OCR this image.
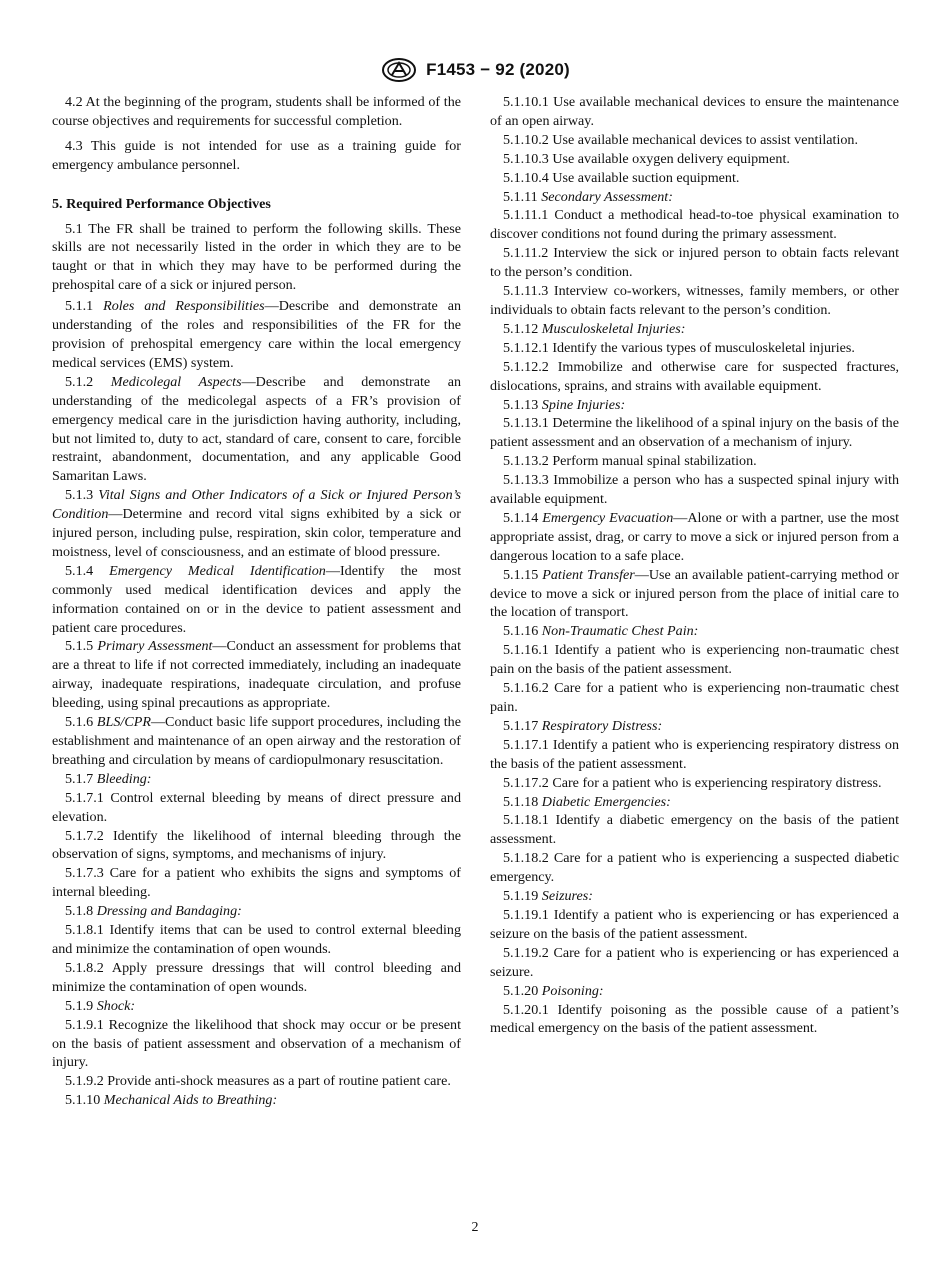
F1453 − 92 (2020)

4.2 At the beginning of the program, students shall be informed of the course objectives and requirements for successful completion.

4.3 This guide is not intended for use as a training guide for emergency ambulance personnel.

5. Required Performance Objectives

5.1 The FR shall be trained to perform the following skills. These skills are not necessarily listed in the order in which they are to be taught or that in which they may have to be performed during the prehospital care of a sick or injured person.

5.1.1 Roles and Responsibilities—Describe and demonstrate an understanding of the roles and responsibilities of the FR for the provision of prehospital emergency care within the local emergency medical services (EMS) system.

5.1.2 Medicolegal Aspects—Describe and demonstrate an understanding of the medicolegal aspects of a FR’s provision of emergency medical care in the jurisdiction having authority, including, but not limited to, duty to act, standard of care, consent to care, forcible restraint, abandonment, documentation, and any applicable Good Samaritan Laws.

5.1.3 Vital Signs and Other Indicators of a Sick or Injured Person’s Condition—Determine and record vital signs exhibited by a sick or injured person, including pulse, respiration, skin color, temperature and moistness, level of consciousness, and an estimate of blood pressure.

5.1.4 Emergency Medical Identification—Identify the most commonly used medical identification devices and apply the information contained on or in the device to patient assessment and patient care procedures.

5.1.5 Primary Assessment—Conduct an assessment for problems that are a threat to life if not corrected immediately, including an inadequate airway, inadequate respirations, inadequate circulation, and profuse bleeding, using spinal precautions as appropriate.

5.1.6 BLS/CPR—Conduct basic life support procedures, including the establishment and maintenance of an open airway and the restoration of breathing and circulation by means of cardiopulmonary resuscitation.

5.1.7 Bleeding:

5.1.7.1 Control external bleeding by means of direct pressure and elevation.

5.1.7.2 Identify the likelihood of internal bleeding through the observation of signs, symptoms, and mechanisms of injury.

5.1.7.3 Care for a patient who exhibits the signs and symptoms of internal bleeding.

5.1.8 Dressing and Bandaging:

5.1.8.1 Identify items that can be used to control external bleeding and minimize the contamination of open wounds.

5.1.8.2 Apply pressure dressings that will control bleeding and minimize the contamination of open wounds.

5.1.9 Shock:

5.1.9.1 Recognize the likelihood that shock may occur or be present on the basis of patient assessment and observation of a mechanism of injury.

5.1.9.2 Provide anti-shock measures as a part of routine patient care.

5.1.10 Mechanical Aids to Breathing:

5.1.10.1 Use available mechanical devices to ensure the maintenance of an open airway.

5.1.10.2 Use available mechanical devices to assist ventilation.

5.1.10.3 Use available oxygen delivery equipment.

5.1.10.4 Use available suction equipment.

5.1.11 Secondary Assessment:

5.1.11.1 Conduct a methodical head-to-toe physical examination to discover conditions not found during the primary assessment.

5.1.11.2 Interview the sick or injured person to obtain facts relevant to the person’s condition.

5.1.11.3 Interview co-workers, witnesses, family members, or other individuals to obtain facts relevant to the person’s condition.

5.1.12 Musculoskeletal Injuries:

5.1.12.1 Identify the various types of musculoskeletal injuries.

5.1.12.2 Immobilize and otherwise care for suspected fractures, dislocations, sprains, and strains with available equipment.

5.1.13 Spine Injuries:

5.1.13.1 Determine the likelihood of a spinal injury on the basis of the patient assessment and an observation of a mechanism of injury.

5.1.13.2 Perform manual spinal stabilization.

5.1.13.3 Immobilize a person who has a suspected spinal injury with available equipment.

5.1.14 Emergency Evacuation—Alone or with a partner, use the most appropriate assist, drag, or carry to move a sick or injured person from a dangerous location to a safe place.

5.1.15 Patient Transfer—Use an available patient-carrying method or device to move a sick or injured person from the place of initial care to the location of transport.

5.1.16 Non-Traumatic Chest Pain:

5.1.16.1 Identify a patient who is experiencing non-traumatic chest pain on the basis of the patient assessment.

5.1.16.2 Care for a patient who is experiencing non-traumatic chest pain.

5.1.17 Respiratory Distress:

5.1.17.1 Identify a patient who is experiencing respiratory distress on the basis of the patient assessment.

5.1.17.2 Care for a patient who is experiencing respiratory distress.

5.1.18 Diabetic Emergencies:

5.1.18.1 Identify a diabetic emergency on the basis of the patient assessment.

5.1.18.2 Care for a patient who is experiencing a suspected diabetic emergency.

5.1.19 Seizures:

5.1.19.1 Identify a patient who is experiencing or has experienced a seizure on the basis of the patient assessment.

5.1.19.2 Care for a patient who is experiencing or has experienced a seizure.

5.1.20 Poisoning:

5.1.20.1 Identify poisoning as the possible cause of a patient’s medical emergency on the basis of the patient assessment.

2
